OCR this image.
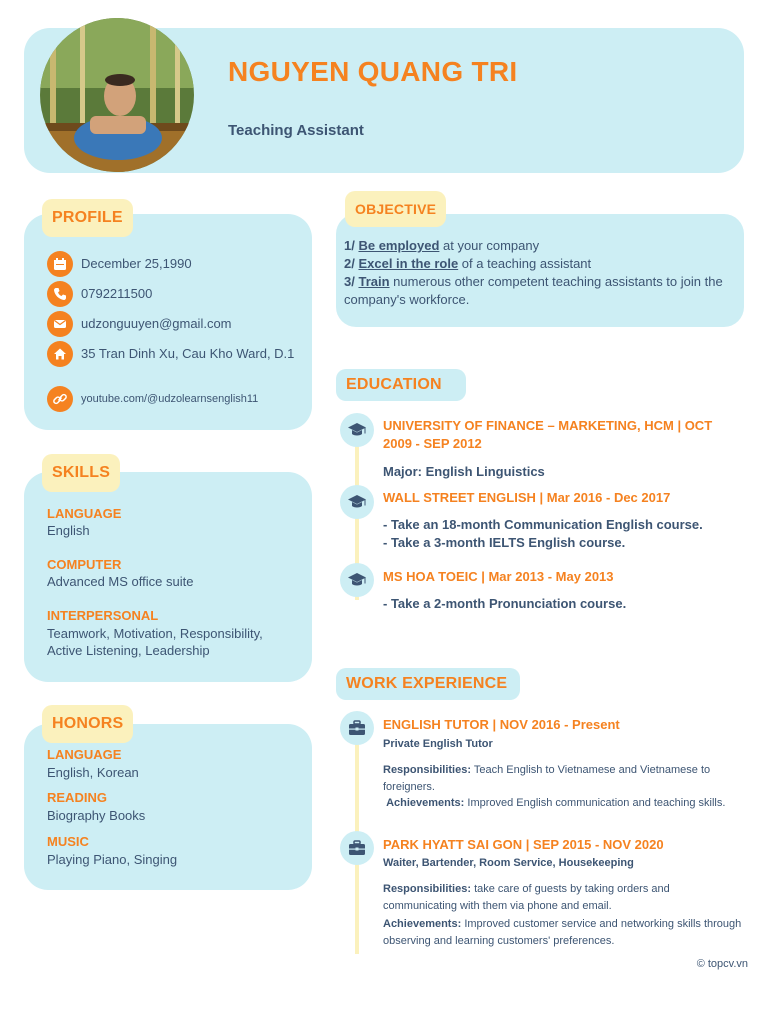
NGUYEN QUANG TRI
Teaching Assistant
PROFILE
December 25,1990
0792211500
udzonguuyen@gmail.com
35 Tran Dinh Xu, Cau Kho Ward, D.1
youtube.com/@udzolearnsenglish11
SKILLS
LANGUAGE
English
COMPUTER
Advanced MS office suite
INTERPERSONAL
Teamwork, Motivation, Responsibility, Active Listening, Leadership
HONORS
LANGUAGE
English, Korean
READING
Biography Books
MUSIC
Playing Piano, Singing
OBJECTIVE
1/ Be employed at your company
2/ Excel in the role of a teaching assistant
3/ Train numerous other competent teaching assistants to join the company's workforce.
EDUCATION
UNIVERSITY OF FINANCE – MARKETING, HCM | OCT 2009 - SEP 2012
Major: English Linguistics
WALL STREET ENGLISH | Mar 2016 - Dec 2017
- Take an 18-month Communication English course.
- Take a 3-month IELTS English course.
MS HOA TOEIC | Mar 2013 - May 2013
- Take a 2-month Pronunciation course.
WORK EXPERIENCE
ENGLISH TUTOR | NOV 2016 - Present
Private English Tutor
Responsibilities: Teach English to Vietnamese and Vietnamese to foreigners.
Achievements: Improved English communication and teaching skills.
PARK HYATT SAI GON | SEP 2015 - NOV 2020
Waiter, Bartender, Room Service, Housekeeping
Responsibilities: take care of guests by taking orders and communicating with them via phone and email.
Achievements: Improved customer service and networking skills through observing and learning customers' preferences.
© topcv.vn
